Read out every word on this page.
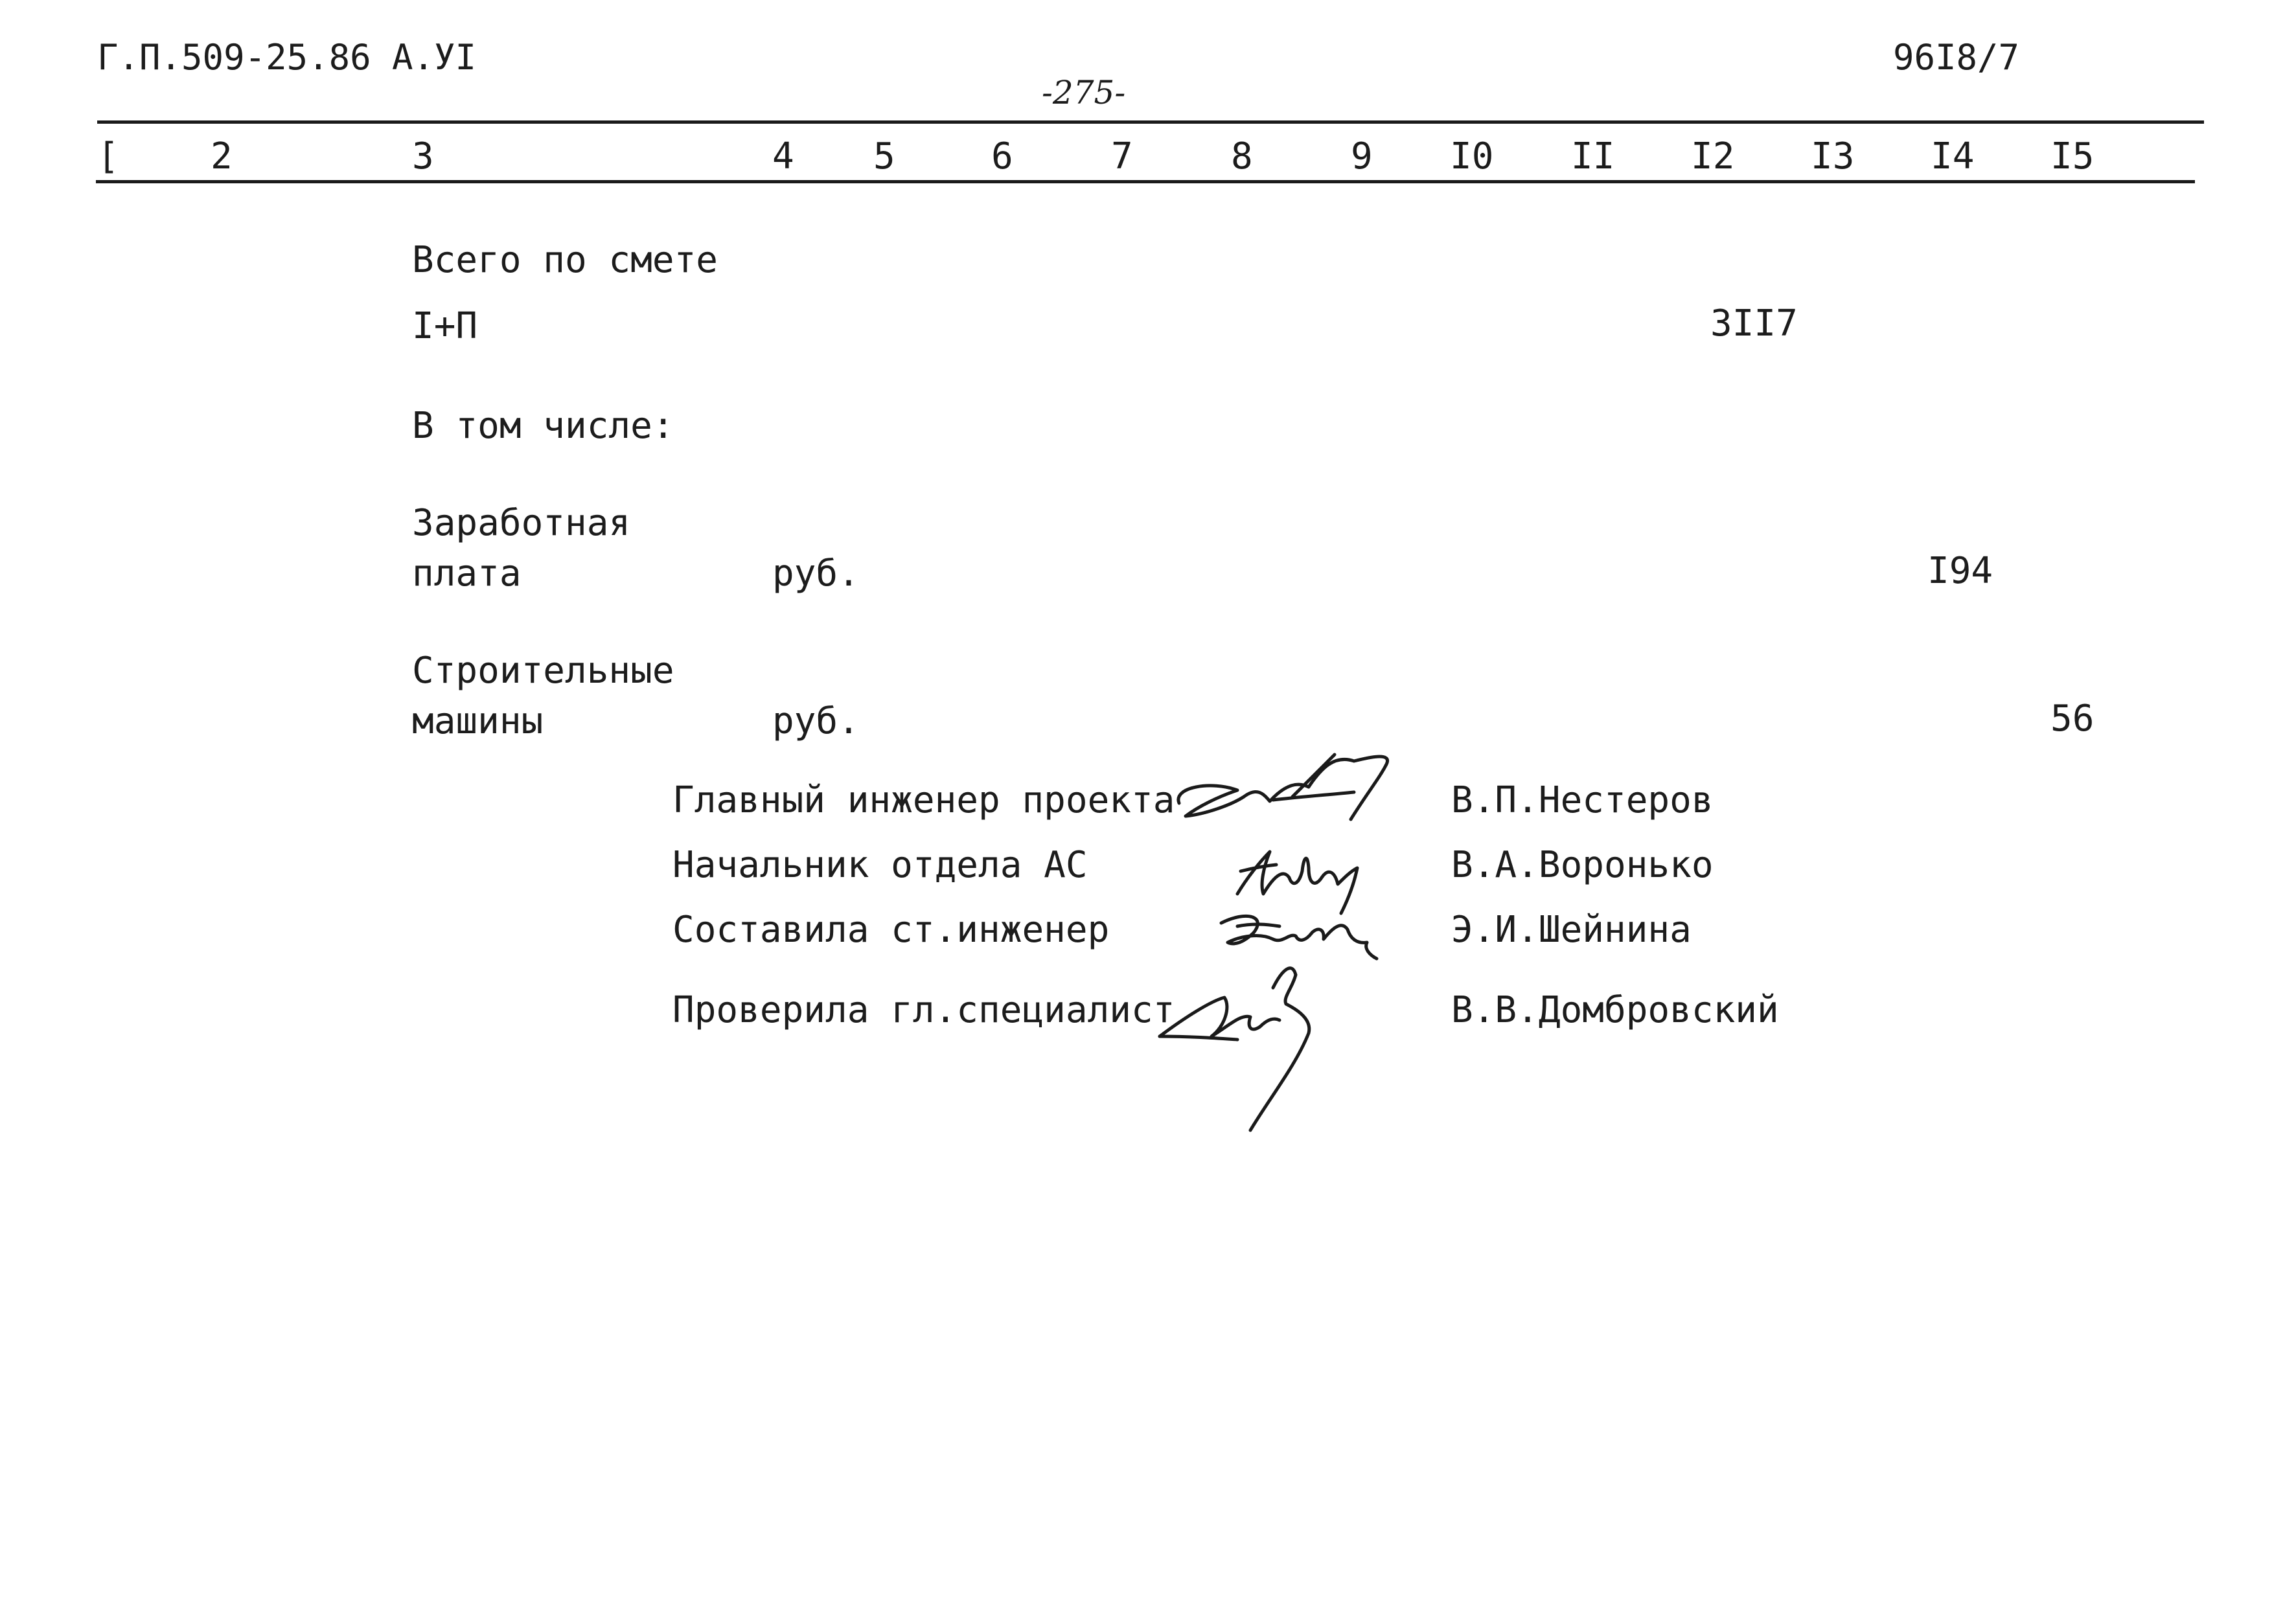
Г.П.509-25.86 А.УI
-275-
96I8/7
[	2	3	4 5	6	7	8	9 I0 II I2 I3 I4 I5
Всего по смете
I+П	3II7
В том числе:
Заработная
плата	руб.	I94
Строительные
машины	руб.	56
Главный инженер проекта	В.П.Нестеров
Начальник отдела АС	В.А.Воронько
Составила ст.инженер	Э.И.Шейнина
Проверила гл.специалист	В.В.Домбровский
